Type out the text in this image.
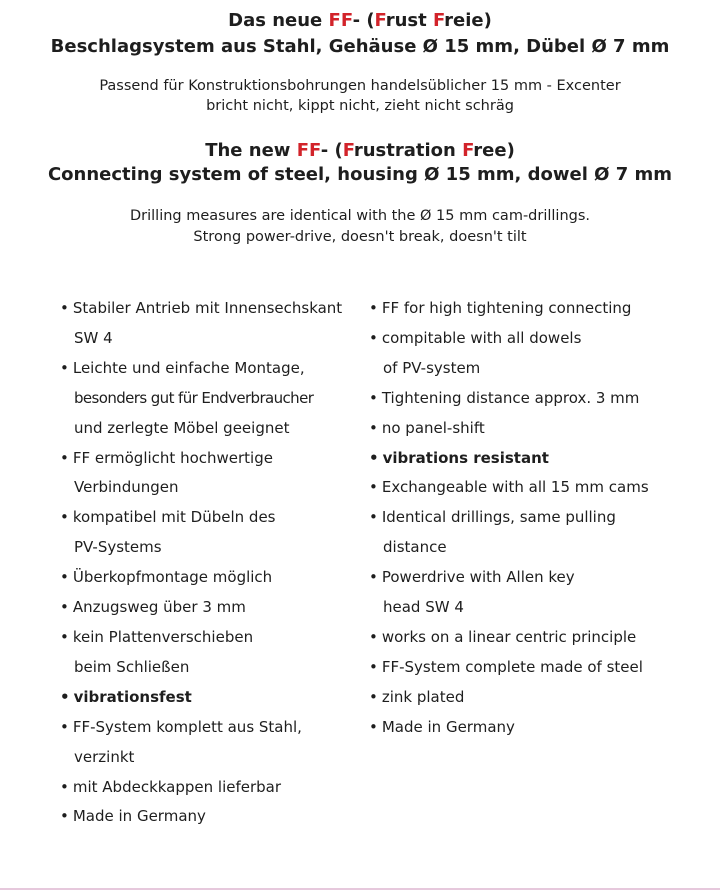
Das neue FF- (Frust Freie)

Beschlagsystem aus Stahl, Gehäuse Ø 15 mm, Dübel Ø 7 mm

Passend für Konstruktionsbohrungen handelsüblicher 15 mm - Excenter

bricht nicht, kippt nicht, zieht nicht schräg

The new FF- (Frustration Free)

Connecting system of steel, housing Ø 15 mm, dowel Ø 7 mm

Drilling measures are identical with the Ø 15 mm cam-drillings.

Strong power-drive, doesn't break, doesn't tilt

• Stabiler Antrieb mit Innensechskant
SW 4
• Leichte und einfache Montage,
besonders gut für Endverbraucher
und zerlegte Möbel geeignet
• FF ermöglicht hochwertige
Verbindungen
• kompatibel mit Dübeln des
PV-Systems
• Überkopfmontage möglich
• Anzugsweg über 3 mm
• kein Plattenverschieben
beim Schließen
• vibrationsfest
• FF-System komplett aus Stahl,
verzinkt
• mit Abdeckkappen lieferbar
• Made in Germany
• FF for high tightening connecting
• compitable with all dowels
of PV-system
• Tightening distance approx. 3 mm
• no panel-shift
• vibrations resistant
• Exchangeable with all 15 mm cams
• Identical drillings, same pulling
distance
• Powerdrive with Allen key
head SW 4
• works on a linear centric principle
• FF-System complete made of steel
• zink plated
• Made in Germany
